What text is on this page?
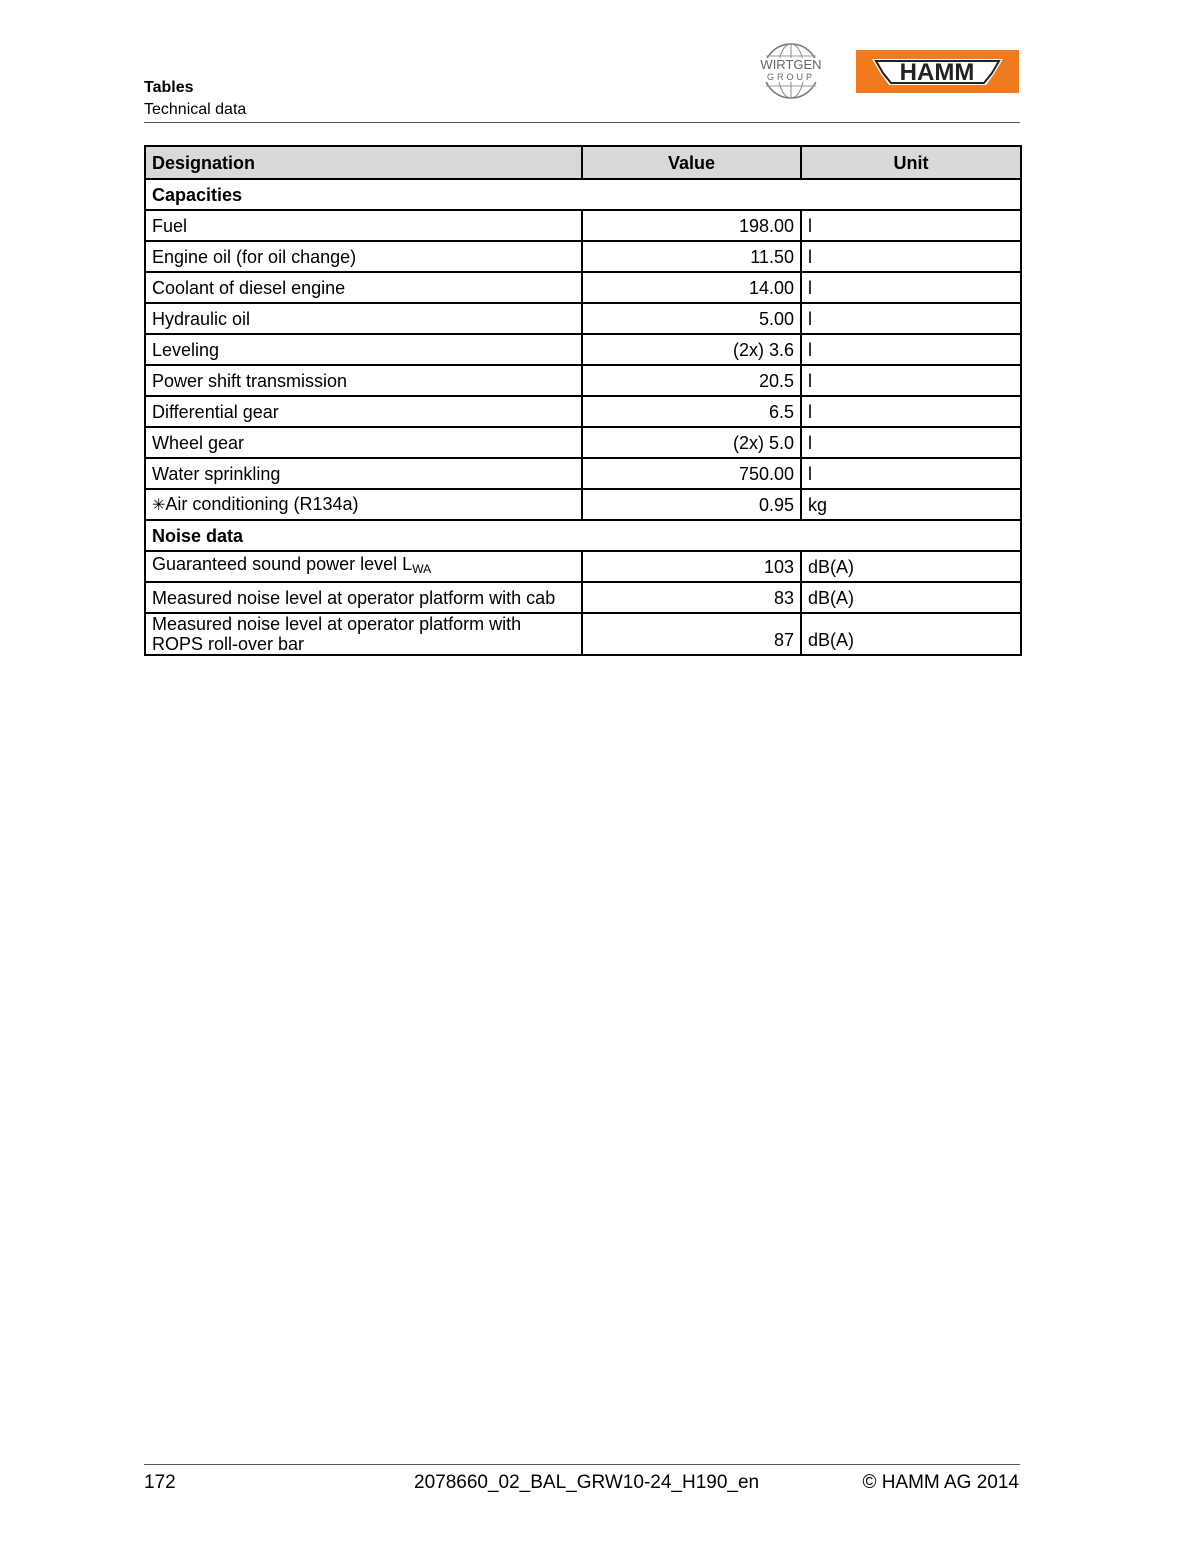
Tables
Technical data
WIRTGEN
GROUP	HAMM
Designation	Value	Unit
Capacities		
Fuel	198.00	l
Engine oil (for oil change)	11.50	l
Coolant of diesel engine	14.00	l
Hydraulic oil	5.00	l
Leveling	(2x) 3.6	l
Power shift transmission	20.5	l
Differential gear	6.5	l
Wheel gear	(2x) 5.0	l
Water sprinkling	750.00	l
✳Air conditioning (R134a)	0.95	kg
Noise data		
Guaranteed sound power level $L_{WA}$	103	dB(A)
Measured noise level at operator platform with cab	83	dB(A)

Measured noise level at operator platform with
ROPS roll-over bar	87	dB(A)
172	2078660_02_BAL_GRW10-24_H190_en	© HAMM AG 2014
